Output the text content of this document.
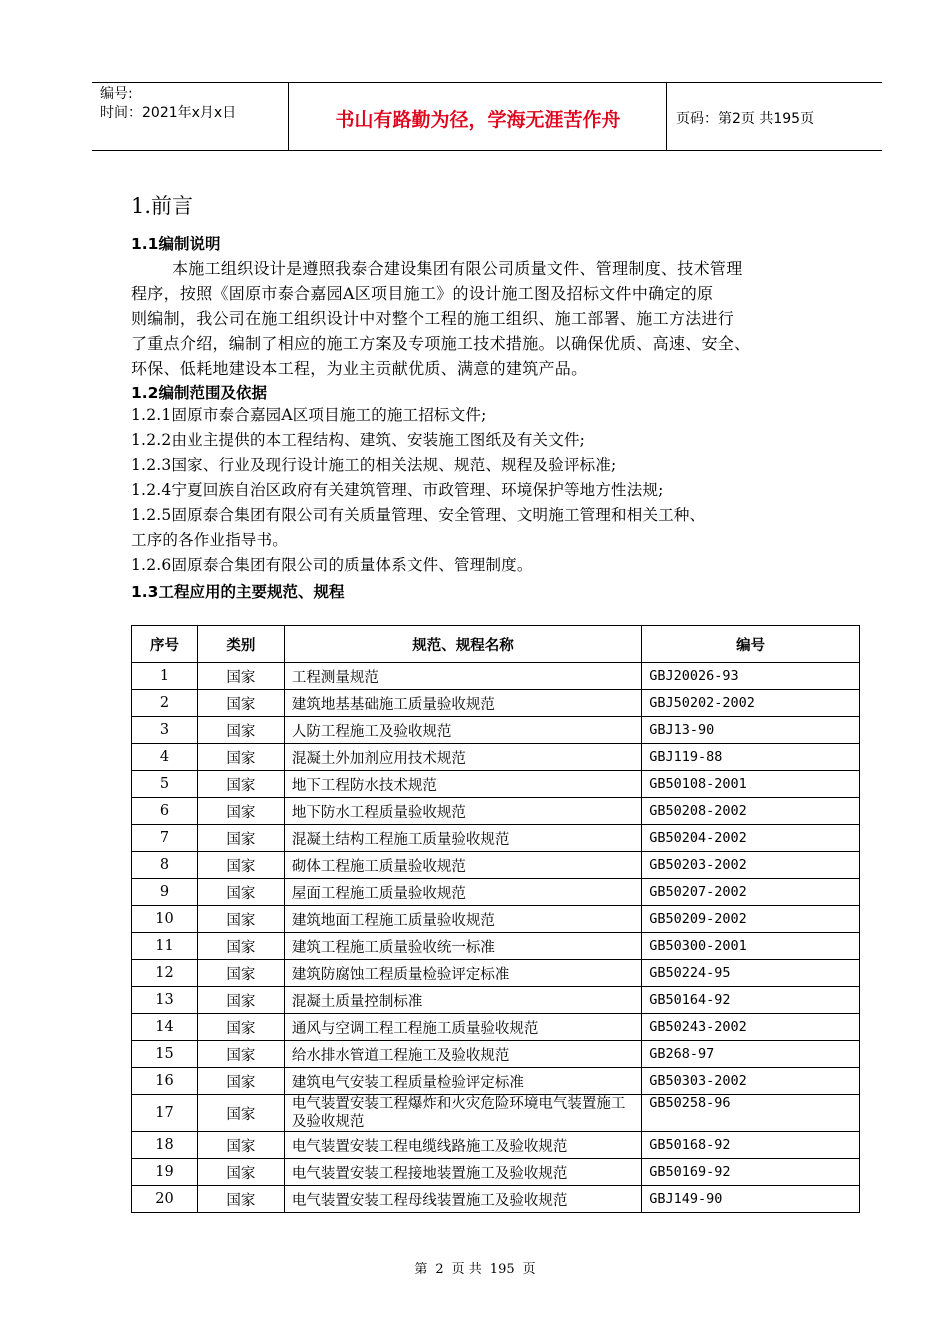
编号:
时间：2021年x月x日	书山有路勤为径，学海无涯苦作舟	页码：第2页 共195页
1.前言
1.1编制说明
本施工组织设计是遵照我泰合建设集团有限公司质量文件、管理制度、技术管理
程序，按照《固原市泰合嘉园A区项目施工》的设计施工图及招标文件中确定的原
则编制，我公司在施工组织设计中对整个工程的施工组织、施工部署、施工方法进行
了重点介绍，编制了相应的施工方案及专项施工技术措施。以确保优质、高速、安全、
环保、低耗地建设本工程，为业主贡献优质、满意的建筑产品。
1.2编制范围及依据
1.2.1固原市泰合嘉园A区项目施工的施工招标文件;
1.2.2由业主提供的本工程结构、建筑、安装施工图纸及有关文件;
1.2.3国家、行业及现行设计施工的相关法规、规范、规程及验评标准;
1.2.4宁夏回族自治区政府有关建筑管理、市政管理、环境保护等地方性法规;
1.2.5固原泰合集团有限公司有关质量管理、安全管理、文明施工管理和相关工种、
工序的各作业指导书。
1.2.6固原泰合集团有限公司的质量体系文件、管理制度。
1.3工程应用的主要规范、规程
序号	类别	规范、规程名称	编号
1	国家	工程测量规范	GBJ20026-93
2	国家	建筑地基基础施工质量验收规范	GBJ50202-2002
3	国家	人防工程施工及验收规范	GBJ13-90
4	国家	混凝土外加剂应用技术规范	GBJ119-88
5	国家	地下工程防水技术规范	GB50108-2001
6	国家	地下防水工程质量验收规范	GB50208-2002
7	国家	混凝土结构工程施工质量验收规范	GB50204-2002
8	国家	砌体工程施工质量验收规范	GB50203-2002
9	国家	屋面工程施工质量验收规范	GB50207-2002
10	国家	建筑地面工程施工质量验收规范	GB50209-2002
11	国家	建筑工程施工质量验收统一标准	GB50300-2001
12	国家	建筑防腐蚀工程质量检验评定标准	GB50224-95
13	国家	混凝土质量控制标准	GB50164-92
14	国家	通风与空调工程工程施工质量验收规范	GB50243-2002
15	国家	给水排水管道工程施工及验收规范	GB268-97
16	国家	建筑电气安装工程质量检验评定标准	GB50303-2002
17	国家	电气装置安装工程爆炸和火灾危险环境电气装置施工及验收规范	GB50258-96
18	国家	电气装置安装工程电缆线路施工及验收规范	GB50168-92
19	国家	电气装置安装工程接地装置施工及验收规范	GB50169-92
20	国家	电气装置安装工程母线装置施工及验收规范	GBJ149-90
第 2 页 共 195 页
